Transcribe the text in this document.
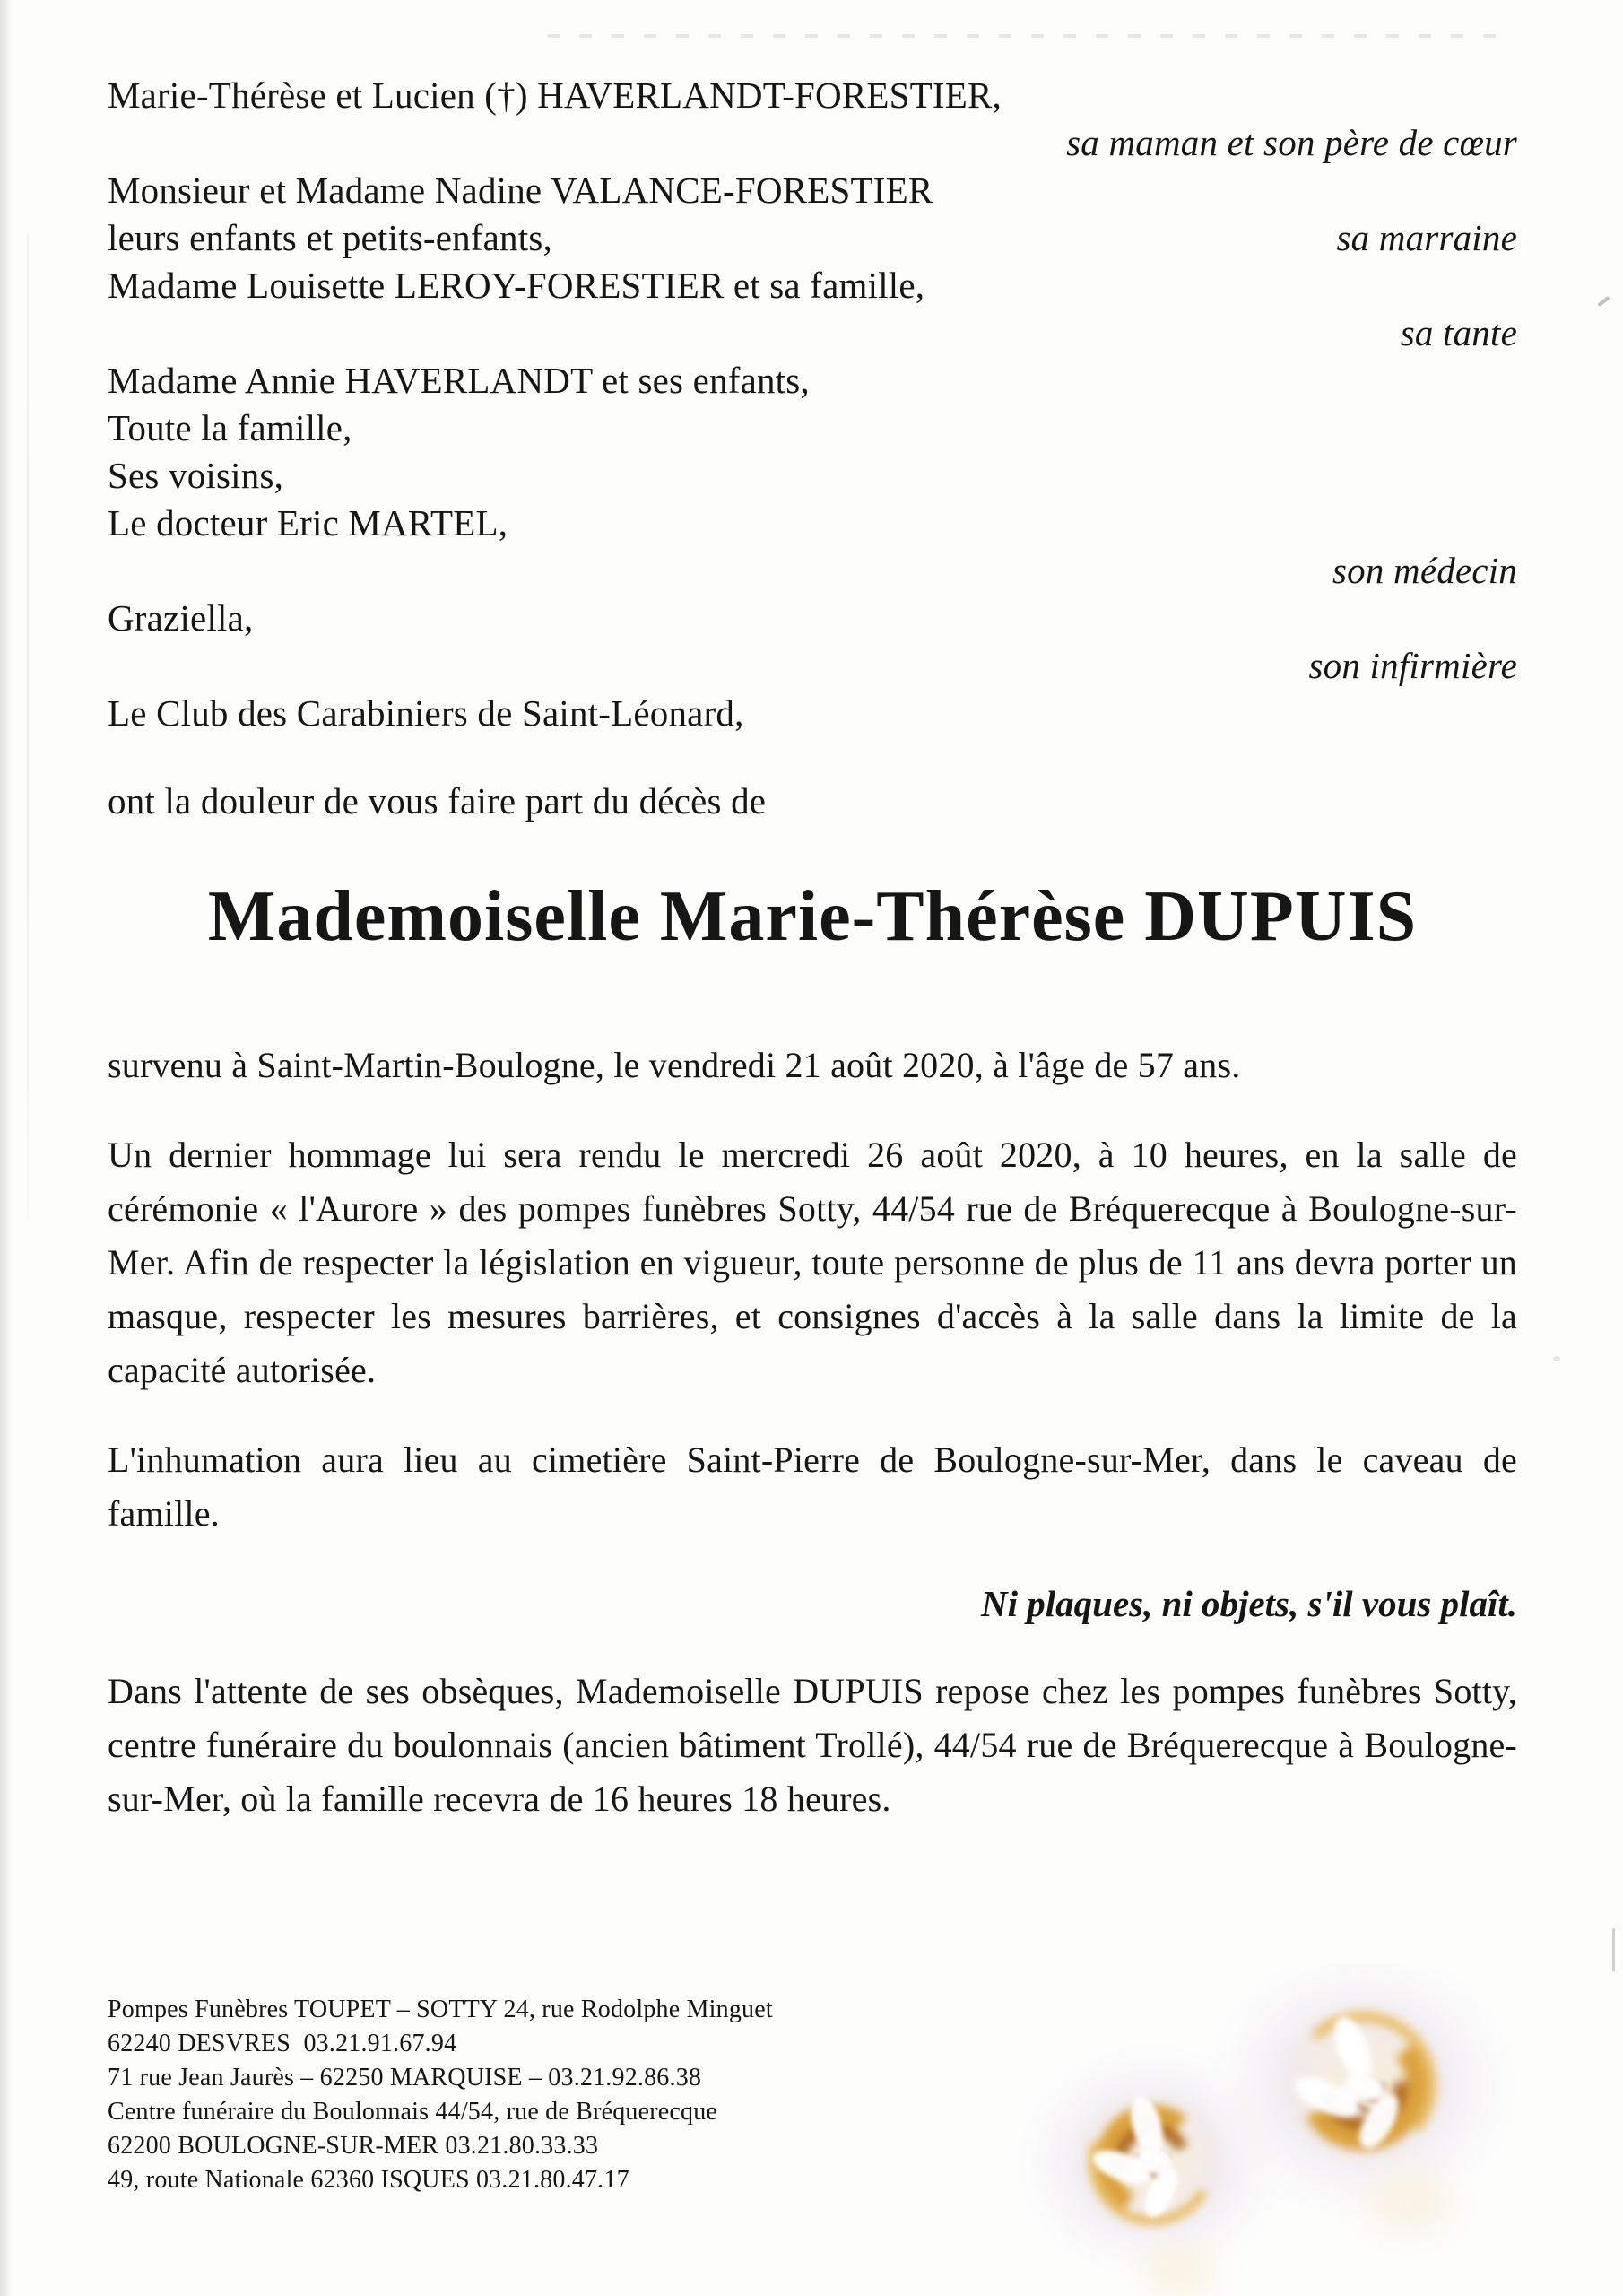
Marie-Thérèse et Lucien (†) HAVERLANDT-FORESTIER,
sa maman et son père de cœur
Monsieur et Madame Nadine VALANCE-FORESTIER
leurs enfants et petits-enfants,	sa marraine
Madame Louisette LEROY-FORESTIER et sa famille,
sa tante
Madame Annie HAVERLANDT et ses enfants,
Toute la famille,
Ses voisins,
Le docteur Eric MARTEL,
son médecin
Graziella,
son infirmière
Le Club des Carabiniers de Saint-Léonard,
ont la douleur de vous faire part du décès de
Mademoiselle Marie-Thérèse DUPUIS

survenu à Saint-Martin-Boulogne, le vendredi 21 août 2020, à l'âge de 57 ans.

Un dernier hommage lui sera rendu le mercredi 26 août 2020, à 10 heures, en la salle de cérémonie « l'Aurore » des pompes funèbres Sotty, 44/54 rue de Bréquerecque à Boulogne-sur-Mer. Afin de respecter la législation en vigueur, toute personne de plus de 11 ans devra porter un masque, respecter les mesures barrières, et consignes d'accès à la salle dans la limite de la capacité autorisée.

L'inhumation aura lieu au cimetière Saint-Pierre de Boulogne-sur-Mer, dans le caveau de famille.

Ni plaques, ni objets, s'il vous plaît.

Dans l'attente de ses obsèques, Mademoiselle DUPUIS repose chez les pompes funèbres Sotty, centre funéraire du boulonnais (ancien bâtiment Trollé), 44/54 rue de Bréquerecque à Boulogne-sur-Mer, où la famille recevra de 16 heures 18 heures.

Pompes Funèbres TOUPET – SOTTY 24, rue Rodolphe Minguet
62240 DESVRES  03.21.91.67.94
71 rue Jean Jaurès – 62250 MARQUISE – 03.21.92.86.38
Centre funéraire du Boulonnais 44/54, rue de Bréquerecque
62200 BOULOGNE-SUR-MER 03.21.80.33.33
49, route Nationale 62360 ISQUES 03.21.80.47.17
